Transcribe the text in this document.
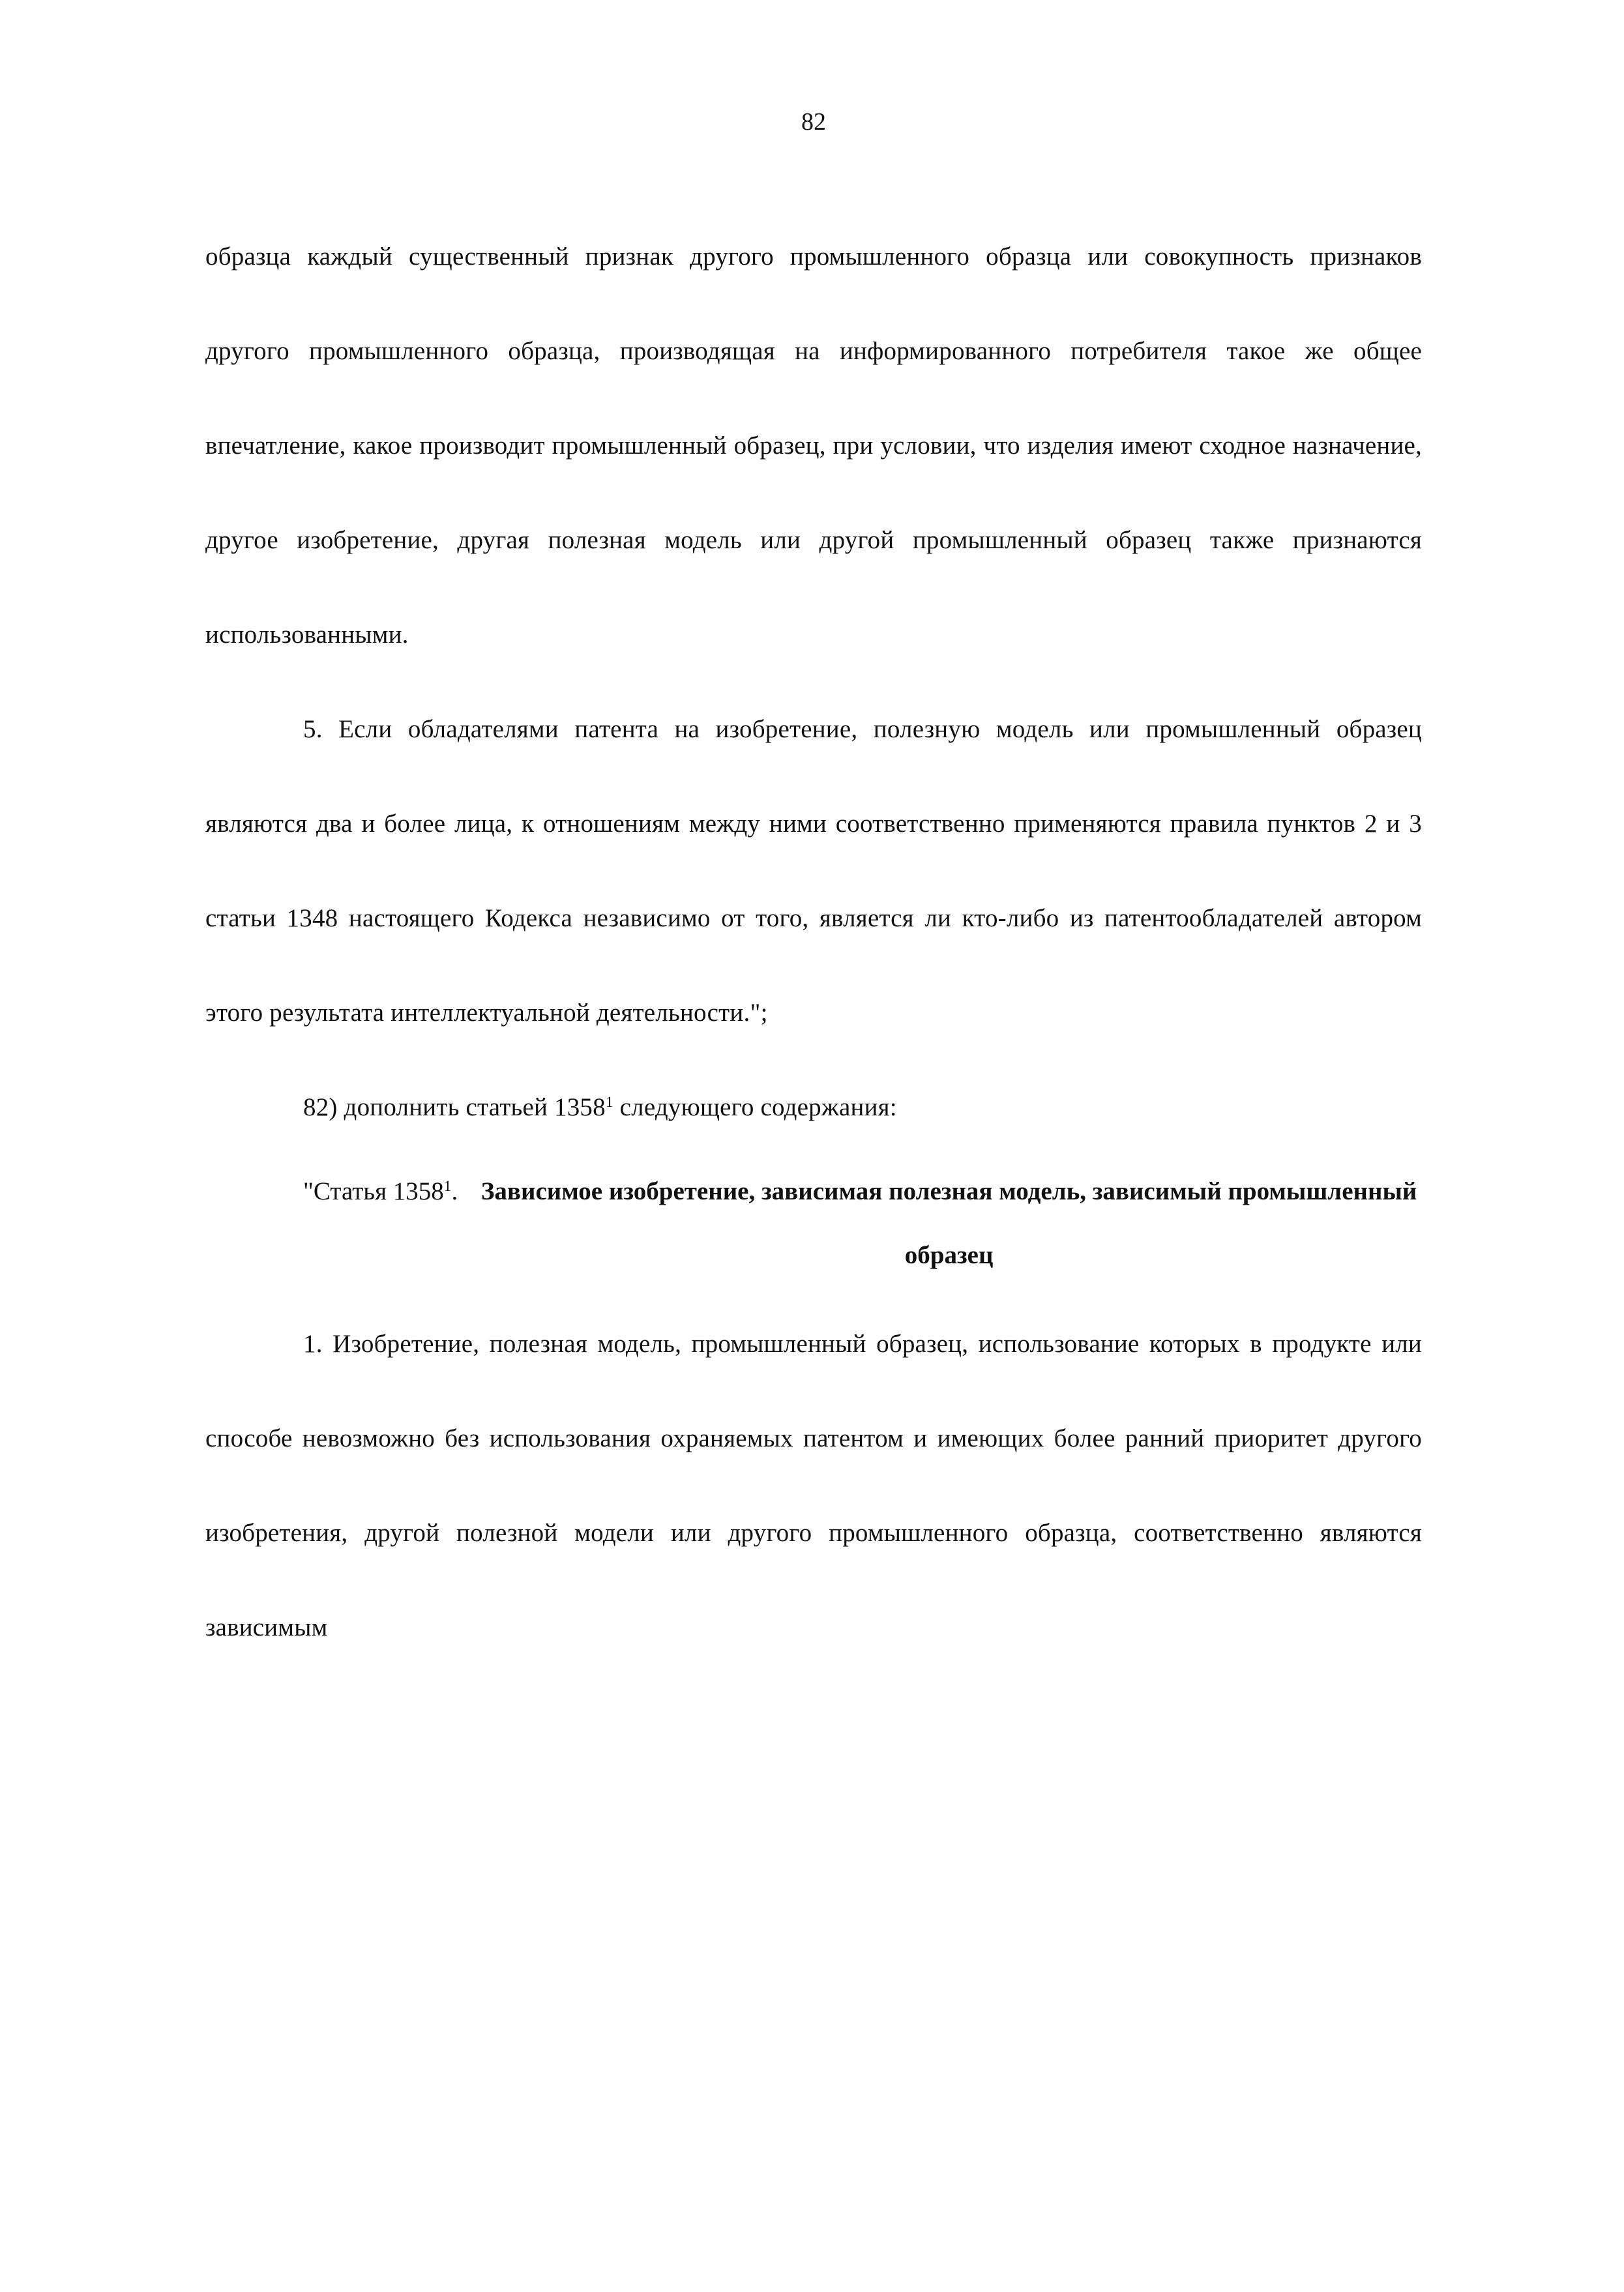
82

образца каждый существенный признак другого промышленного образца или совокупность признаков другого промышленного образца, производящая на информированного потребителя такое же общее впечатление, какое производит промышленный образец, при условии, что изделия имеют сходное назначение, другое изобретение, другая полезная модель или другой промышленный образец также признаются использованными.

5. Если обладателями патента на изобретение, полезную модель или промышленный образец являются два и более лица, к отношениям между ними соответственно применяются правила пунктов 2 и 3 статьи 1348 настоящего Кодекса независимо от того, является ли кто-либо из патентообладателей автором этого результата интеллектуальной деятельности.";

82) дополнить статьей 1358$^1$ следующего содержания:

"Статья 1358$^1$. Зависимое изобретение, зависимая полезная модель, зависимый промышленный образец

1. Изобретение, полезная модель, промышленный образец, использование которых в продукте или способе невозможно без использования охраняемых патентом и имеющих более ранний приоритет другого изобретения, другой полезной модели или другого промышленного образца, соответственно являются зависимым
